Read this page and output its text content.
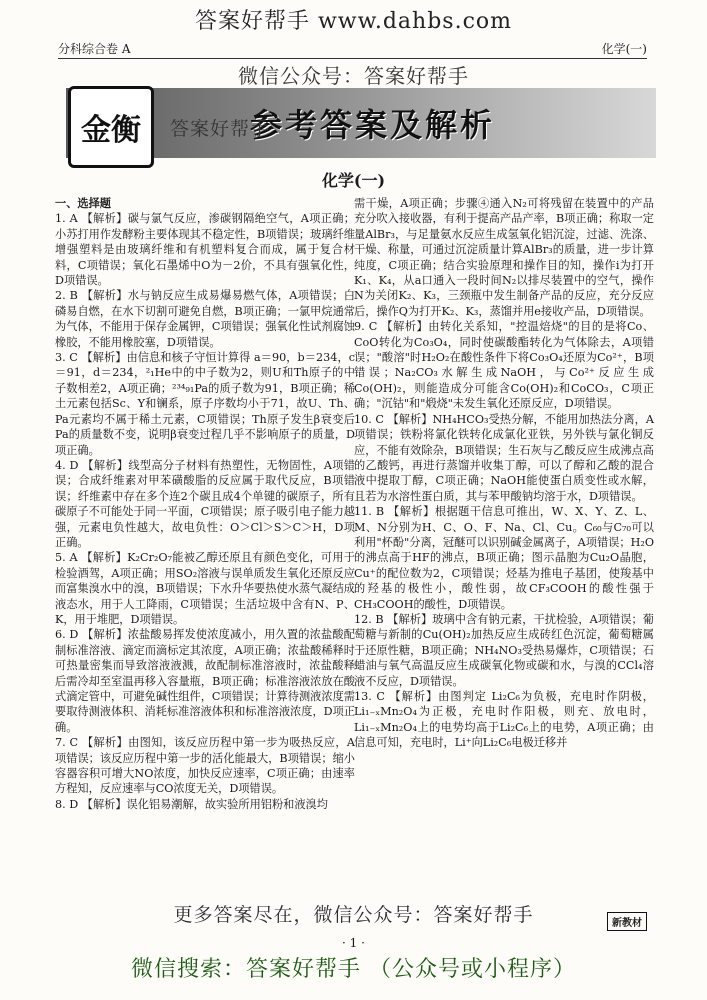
答案好帮手 www.dahbs.com
微信公众号：答案好帮手
分科综合卷 A	化学(一)
金衡	参考答案及解析
答案好帮手
化学(一)

一、选择题

1. A 【解析】碳与氯气反应，渗碳钢隔绝空气，A项正确；小苏打用作发酵粉主要体现其不稳定性，B项错误；玻璃纤维增强塑料是由玻璃纤维和有机塑料复合而成，属于复合材料，C项错误；氧化石墨烯中O为－2价，不具有强氧化性，D项错误。

2. B 【解析】水与钠反应生成易爆易燃气体，A项错误；白磷易自燃，在水下切割可避免自燃，B项正确；一氯甲烷通常为气体，不能用于保存金属钾，C项错误；强氧化性试剂腐蚀橡胶，不能用橡胶塞，D项错误。

3. C 【解析】由信息和核子守恒计算得 a＝90，b＝234，c＝91，d＝234，²₁He中的中子数为2，则U和Th原子的中子数相差2，A项正确；²³⁴₉₁Pa的质子数为91，B项正确；稀土元素包括Sc、Y和镧系，原子序数均小于71，故U、Th、Pa元素均不属于稀土元素，C项错误；Th原子发生β衰变后Pa的质量数不变，说明β衰变过程几乎不影响原子的质量，D项正确。

4. D 【解析】线型高分子材料有热塑性，无物固性，A项错误；合成纤维素对甲苯磺酸脂的反应属于取代反应，B项错误；纤维素中存在多个连2个碳且成4个单键的碳原子，所有碳原子不可能处于同一平面，C项错误；原子吸引电子能力越强，元素电负性越大，故电负性：O＞Cl＞S＞C＞H，D项正确。

5. A 【解析】K₂Cr₂O₇能被乙醇还原且有颜色变化，可用于检验酒驾，A项正确；用SO₂溶液与误单质发生氧化还原反应而富集溴水中的溴，B项错误；下水升华要热使水蒸气凝结成液态水，用于人工降雨，C项错误；生活垃圾中含有N、P、K，用于堆肥，D项错误。

6. D 【解析】浓盐酸易挥发使浓度减小，用久置的浓盐酸配制标准溶液、滴定而滴标定其浓度，A项正确；浓盐酸稀释时可热量密集而导致溶液液溅，故配制标准溶液时，浓盐酸释后需冷却至室温再移入容量瓶，B项正确；标准溶液浓放在酸式滴定管中，可避免碱性组件，C项错误；计算待测液浓度需要取待测液体积、消耗标准溶液体积和标准溶液浓度，D项正确。

7. C 【解析】由图知，该反应历程中第一步为吸热反应，A项错误；该反应历程中第一步的活化能最大，B项错误；缩小容器容积可增大NO浓度，加快反应速率，C项正确；由速率方程知，反应速率与CO浓度无关，D项错误。

8. D 【解析】误化铝易潮解，故实验所用铝粉和液溴均

需干燥，A项正确；步骤④通入N₂可将残留在装置中的产品充分吹入接收器，有利于提高产品产率，B项正确；称取一定量AlBr₃，与足量氨水反应生成氢氧化铝沉淀，过滤、洗涤、干燥、称量，可通过沉淀质量计算AlBr₃的质量，进一步计算纯度，C项正确；结合实验原理和操作目的知，操作ⅰ为打开K₁、K₄，从a口通入一段时间N₂以排尽装置中的空气，操作N为关闭K₂、K₃，三颈瓶中发生制备产品的反应，充分反应后，操作Q为打开K₂、K₃，蒸馏并用e接收产品，D项错误。

9. C 【解析】由转化关系知，"控温焙烧"的目的是将Co、CoO转化为Co₃O₄，同时使碳酸酯转化为气体除去，A项错误；"酸溶"时H₂O₂在酸性条件下将Co₃O₄还原为Co²⁺，B项错误；Na₂CO₃水解生成NaOH，与Co²⁺反应生成Co(OH)₂，则能造成分可能含Co(OH)₂和CoCO₃，C项正确；"沉钴"和"煅烧"未发生氧化还原反应，D项错误。

10. C 【解析】NH₄HCO₃受热分解，不能用加热法分离，A项错误；铁粉将氯化铁转化成氯化亚铁，另外铁与氯化铜反应，不能有效除杂，B项错误；生石灰与乙酸反应生成沸点高的乙酸钙，再进行蒸馏并收集丁醇，可以了醇和乙酸的混合液中提取丁醇，C项正确；NaOH能使蛋白质变性或水解，且若为水溶性蛋白质，其与苯甲酸钠均溶于水，D项错误。

11. B 【解析】根据题干信息可推出，W、X、Y、Z、L、M、N分别为H、C、O、F、Na、Cl、Cu。C₆₀与C₇₀可以利用"杯酚"分离，冠醚可以识别碱金属离子，A项错误；H₂O的沸点高于HF的沸点，B项正确；图示晶胞为Cu₂O晶胞，Cu⁺的配位数为2，C项错误；烃基为推电子基团，使羧基中的羟基的极性小，酸性弱，故CF₃COOH的酸性强于CH₃COOH的酸性，D项错误。

12. B 【解析】玻璃中含有钠元素，干扰检验，A项错误；葡萄糖与新制的Cu(OH)₂加热反应生成砖红色沉淀，葡萄糖属于还原性糖，B项正确；NH₄NO₃受热易爆炸，C项错误；石蜡油与氧气高温反应生成碳氧化物或碳和水，与溴的CCl₄溶液不反应，D项错误。

13. C 【解析】由图判定 Li₂C₆为负极，充电时作阴极，Li₁₋ₓMn₂O₄为正极，充电时作阳极，则充、放电时，Li₁₋ₓMn₂O₄上的电势均高于Li₂C₆上的电势，A项正确；由信息可知，充电时，Li⁺向Li₂C₆电极迁移并

更多答案尽在，微信公众号：答案好帮手
· 1 ·
新教材
微信搜索：答案好帮手 （公众号或小程序）
